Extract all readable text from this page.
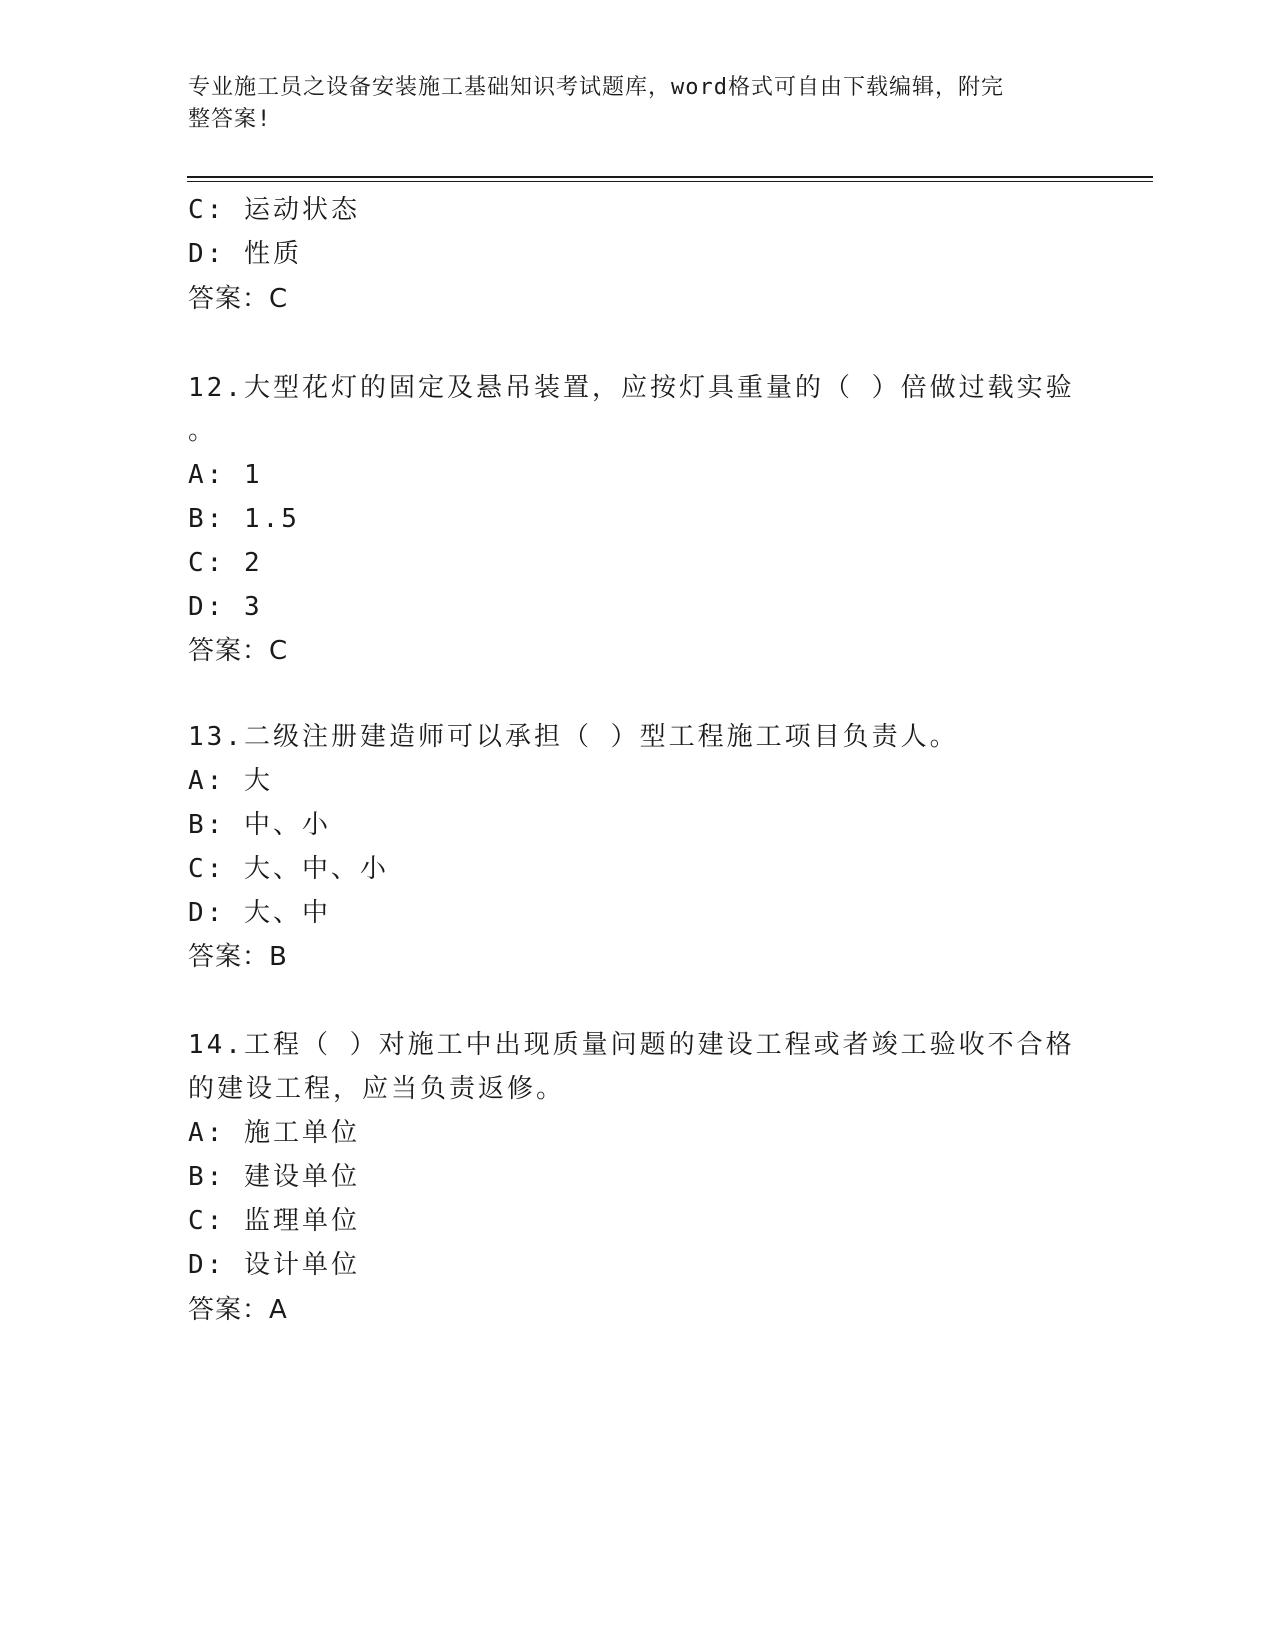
专业施工员之设备安装施工基础知识考试题库，word格式可自由下载编辑，附完
整答案!
C: 运动状态
D: 性质
答案：C
12.大型花灯的固定及悬吊装置，应按灯具重量的（ ）倍做过载实验
。
A: 1
B: 1.5
C: 2
D: 3
答案：C
13.二级注册建造师可以承担（ ）型工程施工项目负责人。
A: 大
B: 中、小
C: 大、中、小
D: 大、中
答案：B
14.工程（ ）对施工中出现质量问题的建设工程或者竣工验收不合格
的建设工程，应当负责返修。
A: 施工单位
B: 建设单位
C: 监理单位
D: 设计单位
答案：A
